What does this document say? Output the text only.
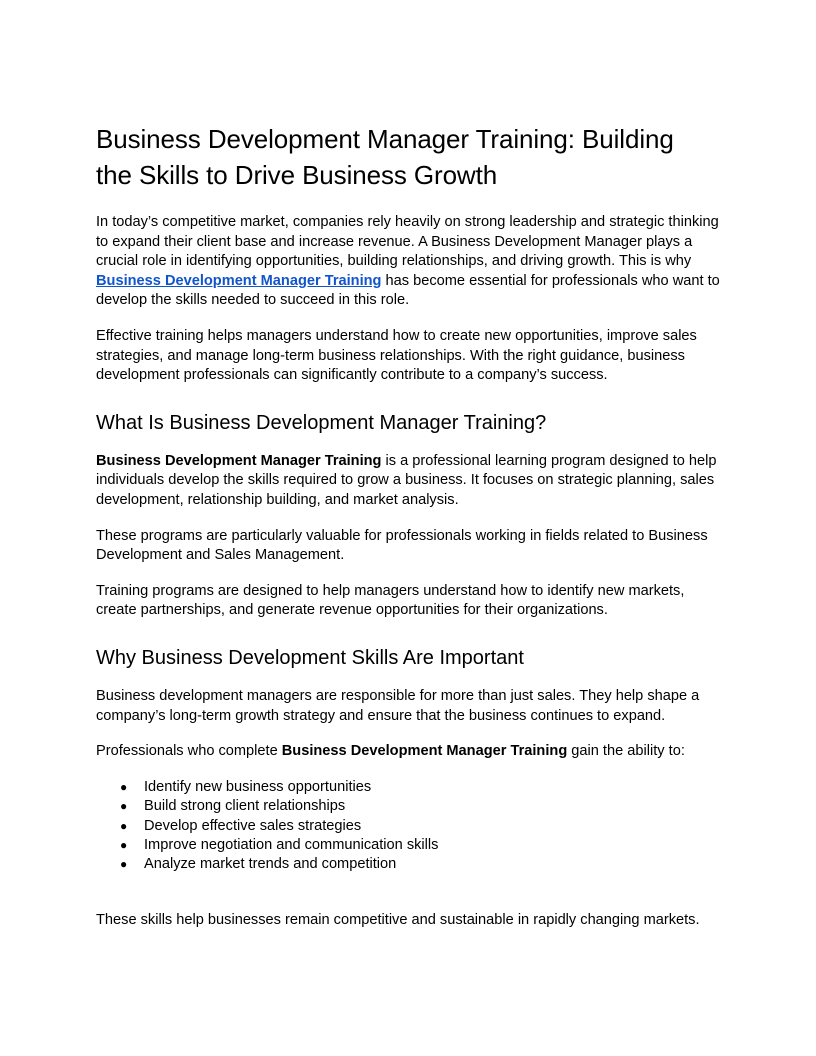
Business Development Manager Training: Building
the Skills to Drive Business Growth

In today’s competitive market, companies rely heavily on strong leadership and strategic thinking to expand their client base and increase revenue. A Business Development Manager plays a crucial role in identifying opportunities, building relationships, and driving growth. This is why Business Development Manager Training has become essential for professionals who want to develop the skills needed to succeed in this role.

Effective training helps managers understand how to create new opportunities, improve sales strategies, and manage long-term business relationships. With the right guidance, business development professionals can significantly contribute to a company’s success.

What Is Business Development Manager Training?

Business Development Manager Training is a professional learning program designed to help individuals develop the skills required to grow a business. It focuses on strategic planning, sales development, relationship building, and market analysis.

These programs are particularly valuable for professionals working in fields related to Business Development and Sales Management.

Training programs are designed to help managers understand how to identify new markets, create partnerships, and generate revenue opportunities for their organizations.

Why Business Development Skills Are Important

Business development managers are responsible for more than just sales. They help shape a company’s long-term growth strategy and ensure that the business continues to expand.

Professionals who complete Business Development Manager Training gain the ability to:

● Identify new business opportunities
● Build strong client relationships
● Develop effective sales strategies
● Improve negotiation and communication skills
● Analyze market trends and competition

These skills help businesses remain competitive and sustainable in rapidly changing markets.
